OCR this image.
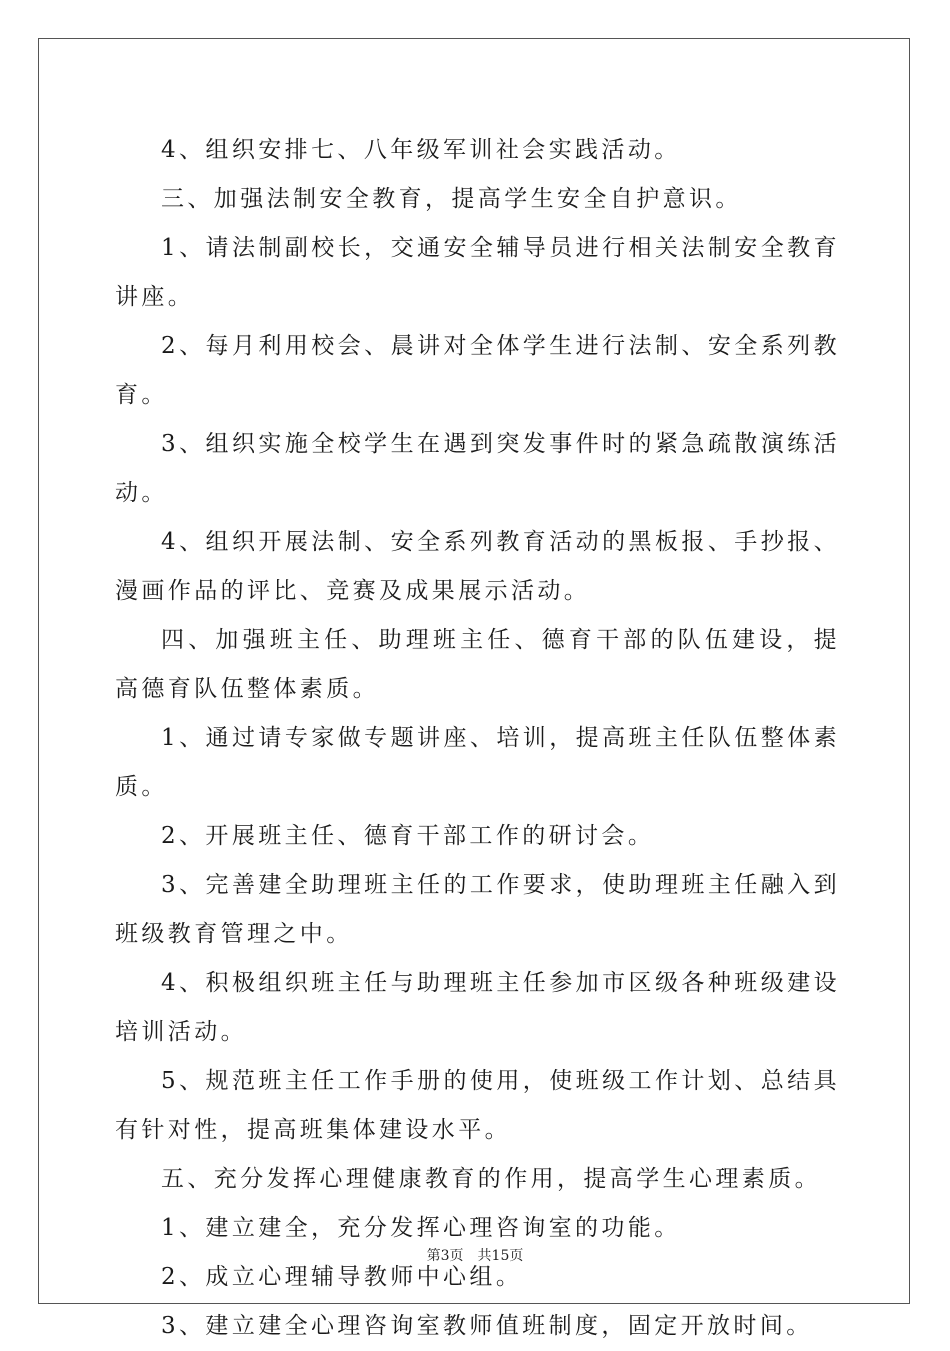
4、组织安排七、八年级军训社会实践活动。

三、加强法制安全教育，提高学生安全自护意识。

1、请法制副校长，交通安全辅导员进行相关法制安全教育讲座。

2、每月利用校会、晨讲对全体学生进行法制、安全系列教育。

3、组织实施全校学生在遇到突发事件时的紧急疏散演练活动。

4、组织开展法制、安全系列教育活动的黑板报、手抄报、漫画作品的评比、竞赛及成果展示活动。

四、加强班主任、助理班主任、德育干部的队伍建设，提高德育队伍整体素质。

1、通过请专家做专题讲座、培训，提高班主任队伍整体素质。

2、开展班主任、德育干部工作的研讨会。

3、完善建全助理班主任的工作要求，使助理班主任融入到班级教育管理之中。

4、积极组织班主任与助理班主任参加市区级各种班级建设培训活动。

5、规范班主任工作手册的使用，使班级工作计划、总结具有针对性，提高班集体建设水平。

五、充分发挥心理健康教育的作用，提高学生心理素质。

1、建立建全，充分发挥心理咨询室的功能。

2、成立心理辅导教师中心组。

3、建立建全心理咨询室教师值班制度，固定开放时间。

第3页 共15页
